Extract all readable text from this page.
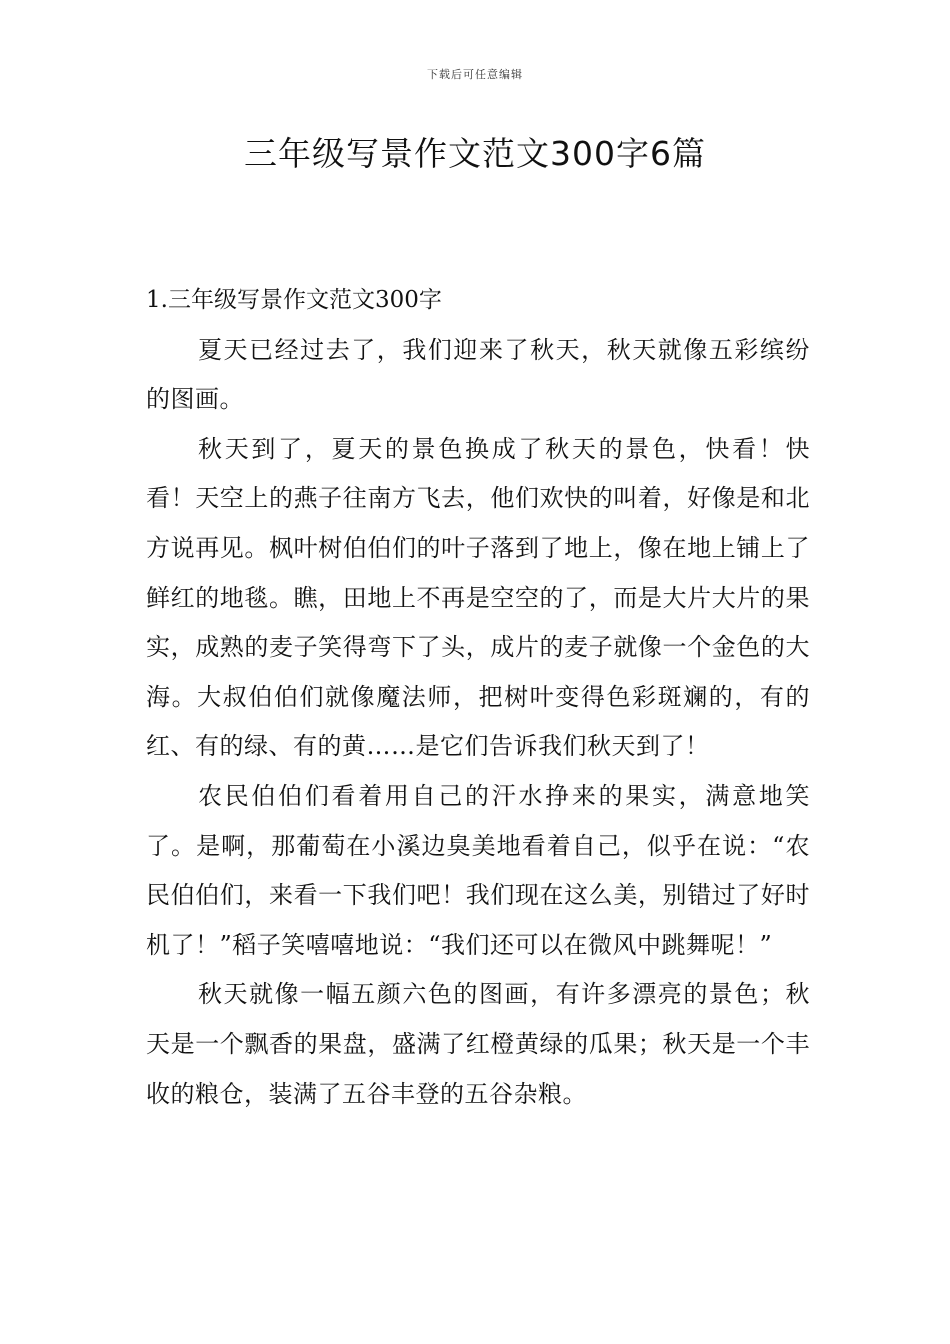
下载后可任意编辑
三年级写景作文范文300字6篇
1.三年级写景作文范文300字

夏天已经过去了，我们迎来了秋天，秋天就像五彩缤纷的图画。

秋天到了，夏天的景色换成了秋天的景色，快看！快看！天空上的燕子往南方飞去，他们欢快的叫着，好像是和北方说再见。枫叶树伯伯们的叶子落到了地上，像在地上铺上了鲜红的地毯。瞧，田地上不再是空空的了，而是大片大片的果实，成熟的麦子笑得弯下了头，成片的麦子就像一个金色的大海。大叔伯伯们就像魔法师，把树叶变得色彩斑斓的，有的红、有的绿、有的黄……是它们告诉我们秋天到了！

农民伯伯们看着用自己的汗水挣来的果实，满意地笑了。是啊，那葡萄在小溪边臭美地看着自己，似乎在说：“农民伯伯们，来看一下我们吧！我们现在这么美，别错过了好时机了！”稻子笑嘻嘻地说：“我们还可以在微风中跳舞呢！”

秋天就像一幅五颜六色的图画，有许多漂亮的景色；秋天是一个飘香的果盘，盛满了红橙黄绿的瓜果；秋天是一个丰收的粮仓，装满了五谷丰登的五谷杂粮。
